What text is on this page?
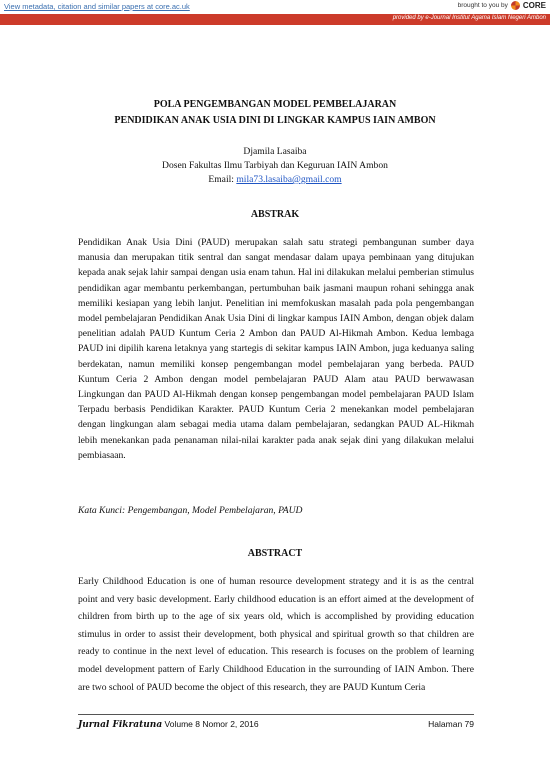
View metadata, citation and similar papers at core.ac.uk	brought to you by CORE
provided by e-Journal Institut Agama Islam Negeri Ambon
POLA PENGEMBANGAN MODEL PEMBELAJARAN
PENDIDIKAN ANAK USIA DINI DI LINGKAR KAMPUS IAIN AMBON
Djamila Lasaiba
Dosen Fakultas Ilmu Tarbiyah dan Keguruan IAIN Ambon
Email: mila73.lasaiba@gmail.com
ABSTRAK
Pendidikan Anak Usia Dini (PAUD) merupakan salah satu strategi pembangunan sumber daya manusia dan merupakan titik sentral dan sangat mendasar dalam upaya pembinaan yang ditujukan kepada anak sejak lahir sampai dengan usia enam tahun. Hal ini dilakukan melalui pemberian stimulus pendidikan agar membantu perkembangan, pertumbuhan baik jasmani maupun rohani sehingga anak memiliki kesiapan yang lebih lanjut. Penelitian ini memfokuskan masalah pada pola pengembangan model pembelajaran Pendidikan Anak Usia Dini di lingkar kampus IAIN Ambon, dengan objek dalam penelitian adalah PAUD Kuntum Ceria 2 Ambon dan PAUD Al-Hikmah Ambon. Kedua lembaga PAUD ini dipilih karena letaknya yang startegis di sekitar kampus IAIN Ambon, juga keduanya saling berdekatan, namun memiliki konsep pengembangan model pembelajaran yang berbeda. PAUD Kuntum Ceria 2 Ambon dengan model pembelajaran PAUD Alam atau PAUD berwawasan Lingkungan dan PAUD Al-Hikmah dengan konsep pengembangan model pembelajaran PAUD Islam Terpadu berbasis Pendidikan Karakter. PAUD Kuntum Ceria 2 menekankan model pembelajaran dengan lingkungan alam sebagai media utama dalam pembelajaran, sedangkan PAUD AL-Hikmah lebih menekankan pada penanaman nilai-nilai karakter pada anak sejak dini yang dilakukan melalui pembiasaan.
Kata Kunci: Pengembangan, Model Pembelajaran, PAUD
ABSTRACT
Early Childhood Education is one of human resource development strategy and it is as the central point and very basic development. Early childhood education is an effort aimed at the development of children from birth up to the age of six years old, which is accomplished by providing education stimulus in order to assist their development, both physical and spiritual growth so that children are ready to continue in the next level of education. This research is focuses on the problem of learning model development pattern of Early Childhood Education in the surrounding of IAIN Ambon. There are two school of PAUD become the object of this research, they are PAUD Kuntum Ceria
Jurnal Fikratuna Volume 8 Nomor 2, 2016	Halaman 79
